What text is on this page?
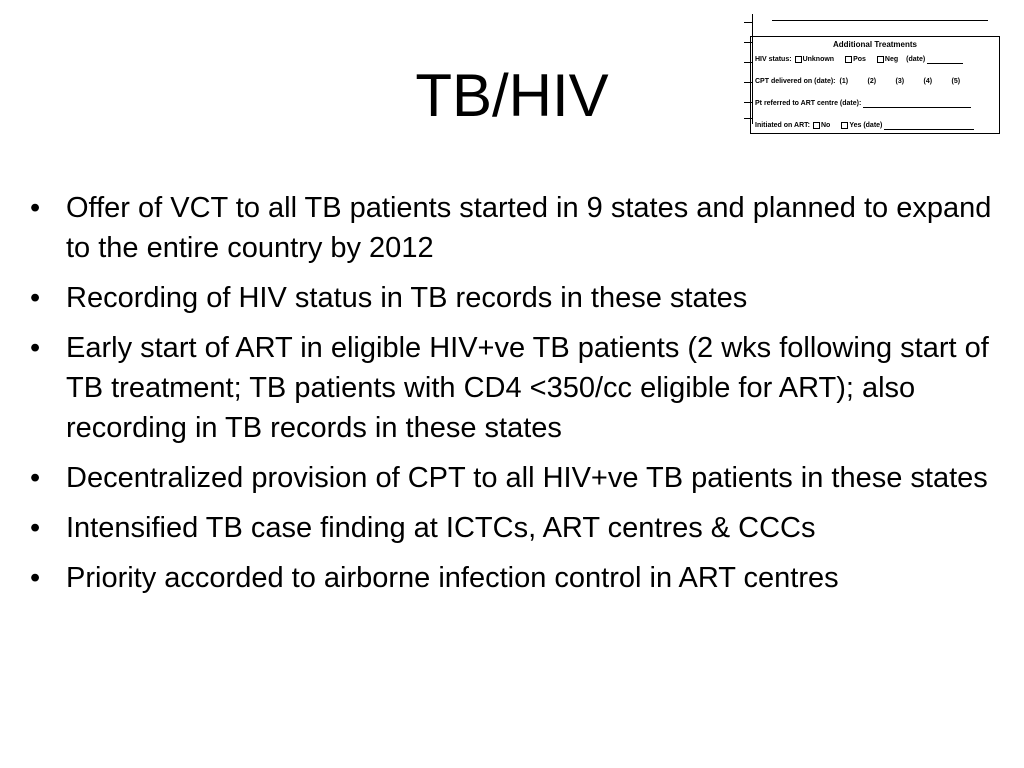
TB/HIV
Additional Treatments
HIV status: Unknown	Pos	Neg (date)
CPT delivered on (date): (1)	(2)	(3)	(4)	(5)
Pt referred to ART centre (date):
Initiated on ART: No	Yes (date)
• Offer of VCT to all TB patients started in 9 states and planned to expand to the entire country by 2012
• Recording of HIV status in TB records in these states
• Early start of ART in eligible HIV+ve TB patients (2 wks following start of TB treatment; TB patients with CD4 <350/cc eligible for ART); also recording in TB records in these states
• Decentralized provision of CPT to all HIV+ve TB patients in these states
• Intensified TB case finding at ICTCs, ART centres & CCCs
• Priority accorded to airborne infection control in ART centres
